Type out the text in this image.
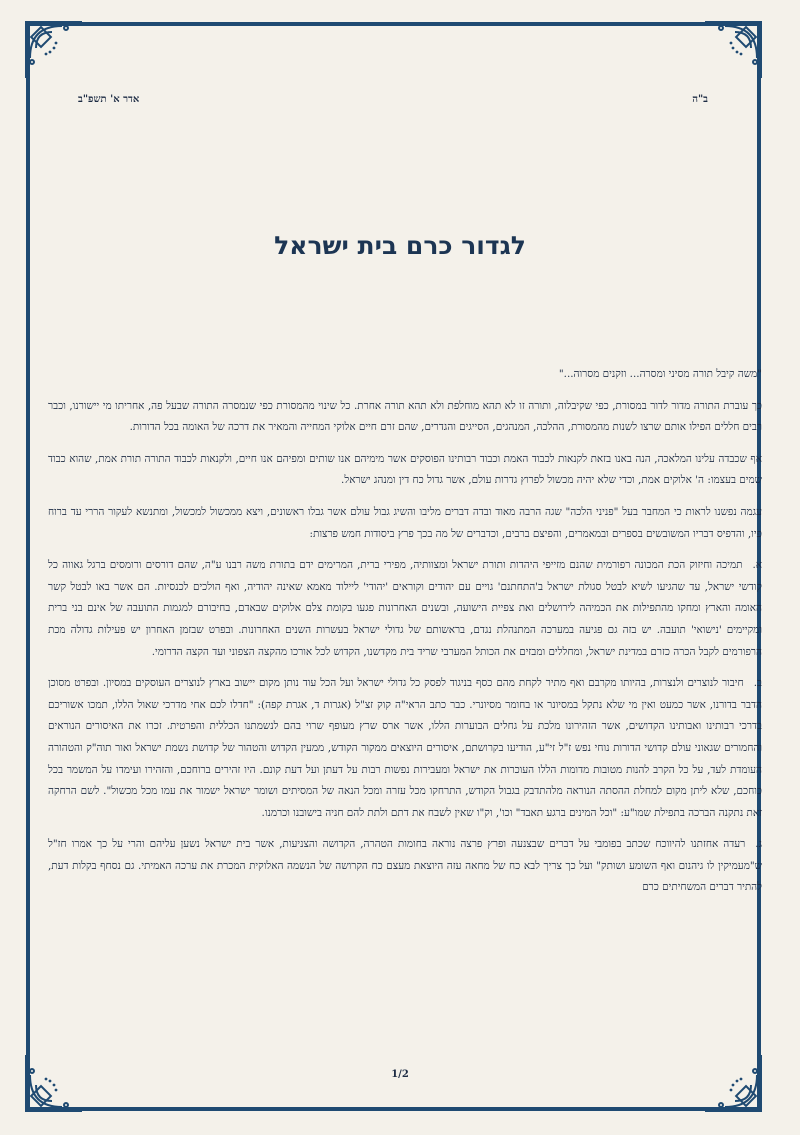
ב"ה
אדר א' תשפ"ב
לגדור כרם בית ישראל

"משה קיבל תורה מסיני ומסרה... וזקנים מסרוה..."

כך עוברת התורה מדור לדור במסורת, כפי שקיבלוה, ותורה זו לא תהא מוחלפת ולא תהא תורה אחרת. כל שינוי מהמסורת כפי שנמסרה התורה שבעל פה, אחריתו מי יישורנו, וכבר רבים חללים הפילו אותם שרצו לשנות מהמסורת, ההלכה, המנהגים, הסייגים והגדרים, שהם זרם חיים אלוקי המחייה והמאיר את דרכה של האומה בכל הדורות.

אף שכבדה עלינו המלאכה, הנה באנו בזאת לקנאות לכבוד האמת וכבוד רבותינו הפוסקים אשר מימיהם אנו שותים ומפיהם אנו חיים, ולקנאות לכבוד התורה תורת אמת, שהוא כבוד שמים בעצמו: ה' אלוקים אמת, וכדי שלא יהיה מכשול לפרוץ גדרות עולם, אשר גדול כח דין ומנהג ישראל.

עגמה נפשנו לראות כי המחבר בעל "פניני הלכה" שגה הרבה מאוד ובדה דברים מליבו והשיג גבול עולם אשר גבלו ראשונים, ויצא ממכשול למכשול, ומתנשא לעקור הררי עד ברוח פיו, והדפיס דבריו המשובשים בספרים ובמאמרים, והפיצם ברבים, וכדברים של מה בכך פרץ ביסודות חמש פרצות:

א.תמיכה וחיזוק הכת המכונה רפורמית שהנם מזייפי היהדות ותורת ישראל ומצוותיה, מפירי ברית, המרימים ידם בתורת משה רבנו ע"ה, שהם דורסים ורומסים ברגל גאווה כל קודשי ישראל, עד שהגיעו לשיא לבטל סגולת ישראל ב'התחתנם' גויים עם יהודים וקוראים 'יהודי' ליילוד מאמא שאינה יהודיה, ואף הולכים לכנסיות. הם אשר באו לבטל קשר האומה והארץ ומחקו מהתפילות את הכמיהה לירושלים ואת צפיית הישועה, ובשנים האחרונות פגעו בקומת צלם אלוקים שבאדם, בחיבורם למגמות התועבה של אינם בני ברית ומקיימים 'נישואי' תועבה. יש בזה גם פגיעה במערכה המתנהלת נגדם, בראשותם של גדולי ישראל בעשרות השנים האחרונות. ובפרט שבזמן האחרון יש פעילות גדולה מכת הרפורמים לקבל הכרה כזרם במדינת ישראל, ומחללים ומבזים את הכותל המערבי שריד בית מקדשנו, הקדוש לכל אורכו מהקצה הצפוני ועד הקצה הדרומי.

ב.חיבור לנוצרים ולנצרות, בהיותו מקרבם ואף מתיר לקחת מהם כסף בניגוד לפסק כל גדולי ישראל ועל הכל עוד נותן מקום יישוב בארץ לנוצרים העוסקים במסיון. ובפרט מסוכן הדבר בדורנו, אשר כמעט ואין מי שלא נתקל במסיונר או בחומר מסיונרי. כבר כתב הראי"ה קוק זצ"ל (אגרות ד, אגרת קפה): "חדלו לכם אחי מדרכי שאול הללו, תמכו אשוריכם בדרכי רבותינו ואבותינו הקדושים, אשר הזהירונו מלכת על גחלים הבוערות הללו, אשר ארס שרץ מעופף שרוי בהם לנשמתנו הכללית והפרטית. זכרו את האיסורים הנוראים והחמורים שגאוני עולם קדושי הדורות נוחי נפש ז"ל זי"ע, הודיעו בקרושתם, איסורים היוצאים ממקור הקודש, ממעין הקדוש והטהור של קדושת נשמת ישראל ואור תוה"ק והטהורה העומדת לעד, על כל הקרב להנות מטובות מדומות הללו העוכרות את ישראל ומעבירות נפשות רבות על דעתן ועל דעת קונם. היו זהירים ברוחכם, והזהירו ועימדו על המשמר בכל כוחכם, שלא ליתן מקום למחלת ההסתה הנוראה מלהתדבק בגבול הקודש, התרחקו מכל עזרה ומכל הנאה של המסיתים ושומר ישראל ישמור את עמו מכל מכשול". לשם הרחקה זאת נתקנה הברכה בתפילת שמו"ע: "וכל המינים ברגע תאבד" וכו', וק"ו שאין לשבח את דתם ולתת להם חניה בישובנו וכרמנו.

ג.רעדה אחזתנו להיווכח שכתב בפומבי על דברים שבצנעה ופרץ פרצה נוראה בחומות הטהרה, הקדושה והצניעות, אשר בית ישראל נשען עליהם והרי על כך אמרו חז"ל ש"מעמיקין לו גיהנום ואף השומע ושותק" ועל כך צריך לבא כח של מחאה עזה היוצאת מעצם כח הקרושה של הנשמה האלוקית המכרת את ערכה האמיתי. גם נסחף בקלות דעת, להתיר דברים המשחיתים כרם

1/2
